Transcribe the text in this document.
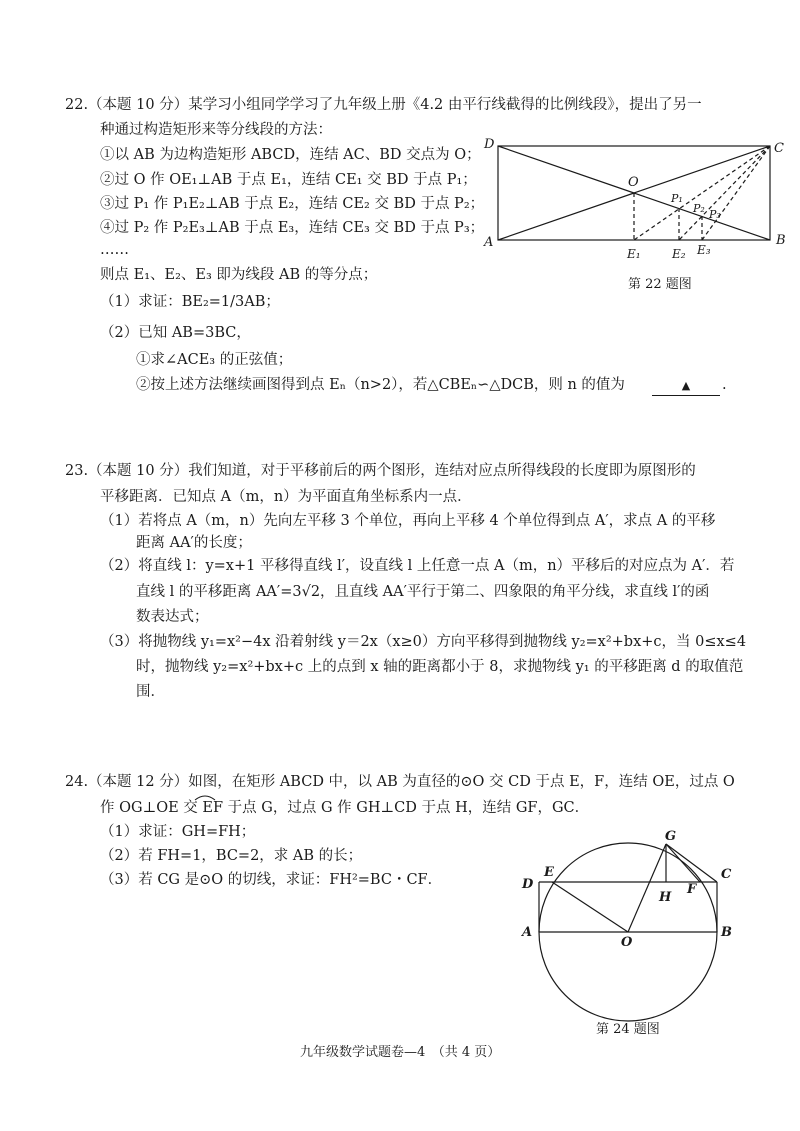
22.（本题 10 分）某学习小组同学学习了九年级上册《4.2 由平行线截得的比例线段》，提出了另一
种通过构造矩形来等分线段的方法：
①以 AB 为边构造矩形 ABCD，连结 AC、BD 交点为 O；
②过 O 作 OE₁⊥AB 于点 E₁，连结 CE₁ 交 BD 于点 P₁；
③过 P₁ 作 P₁E₂⊥AB 于点 E₂，连结 CE₂ 交 BD 于点 P₂；
④过 P₂ 作 P₂E₃⊥AB 于点 E₃，连结 CE₃ 交 BD 于点 P₃；
……
则点 E₁、E₂、E₃ 即为线段 AB 的等分点；
（1）求证：BE₂=1/3AB；
（2）已知 AB=3BC，
①求∠ACE₃ 的正弦值；
②按上述方法继续画图得到点 Eₙ（n>2），若△CBEₙ∽△DCB，则 n 的值为	▲	.
D	C
O
P₁
P₂ P₃
A	B
E₁	E₂ E₃
第 22 题图
23.（本题 10 分）我们知道，对于平移前后的两个图形，连结对应点所得线段的长度即为原图形的
平移距离．已知点 A（m，n）为平面直角坐标系内一点．
（1）若将点 A（m，n）先向左平移 3 个单位，再向上平移 4 个单位得到点 A′，求点 A 的平移
距离 AA′的长度；
（2）将直线 l：y=x+1 平移得直线 l′，设直线 l 上任意一点 A（m，n）平移后的对应点为 A′．若
直线 l 的平移距离 AA′=3√2，且直线 AA′平行于第二、四象限的角平分线，求直线 l′的函
数表达式；
（3）将抛物线 y₁=x²−4x 沿着射线 y＝2x（x≥0）方向平移得到抛物线 y₂=x²+bx+c，当 0≤x≤4
时，抛物线 y₂=x²+bx+c 上的点到 x 轴的距离都小于 8，求抛物线 y₁ 的平移距离 d 的取值范
围．
24.（本题 12 分）如图，在矩形 ABCD 中，以 AB 为直径的⊙O 交 CD 于点 E，F，连结 OE，过点 O
作 OG⊥OE 交 EF 于点 G，过点 G 作 GH⊥CD 于点 H，连结 GF，GC．
（1）求证：GH=FH；
（2）若 FH=1，BC=2，求 AB 的长；
（3）若 CG 是⊙O 的切线，求证：FH²=BC・CF．
G
E
D
H
F
C
A
O
B
第 24 题图
九年级数学试题卷—4　（共 4 页）
